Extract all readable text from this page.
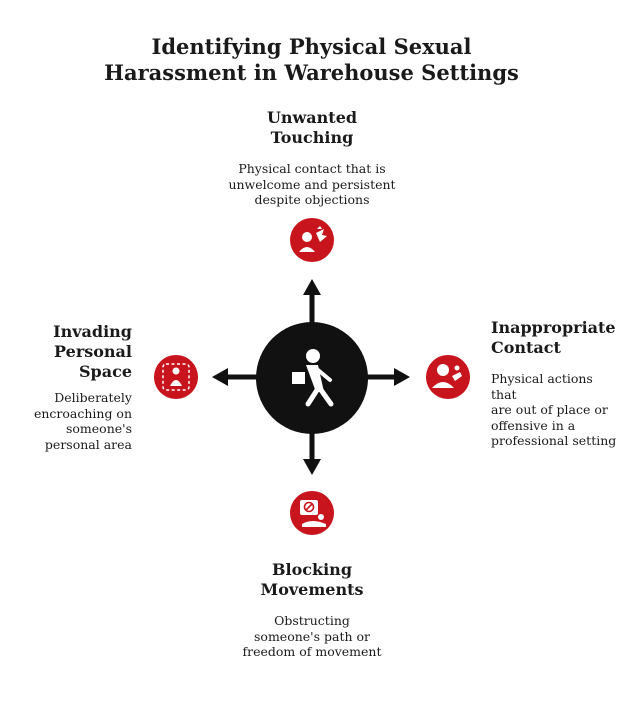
Identifying Physical Sexual
Harassment in Warehouse Settings
Unwanted
Touching
Physical contact that is
unwelcome and persistent
despite objections
Inappropriate
Contact
Physical actions that
are out of place or
offensive in a
professional setting
Blocking
Movements
Obstructing
someone's path or
freedom of movement
Invading
Personal
Space
Deliberately
encroaching on
someone's
personal area
